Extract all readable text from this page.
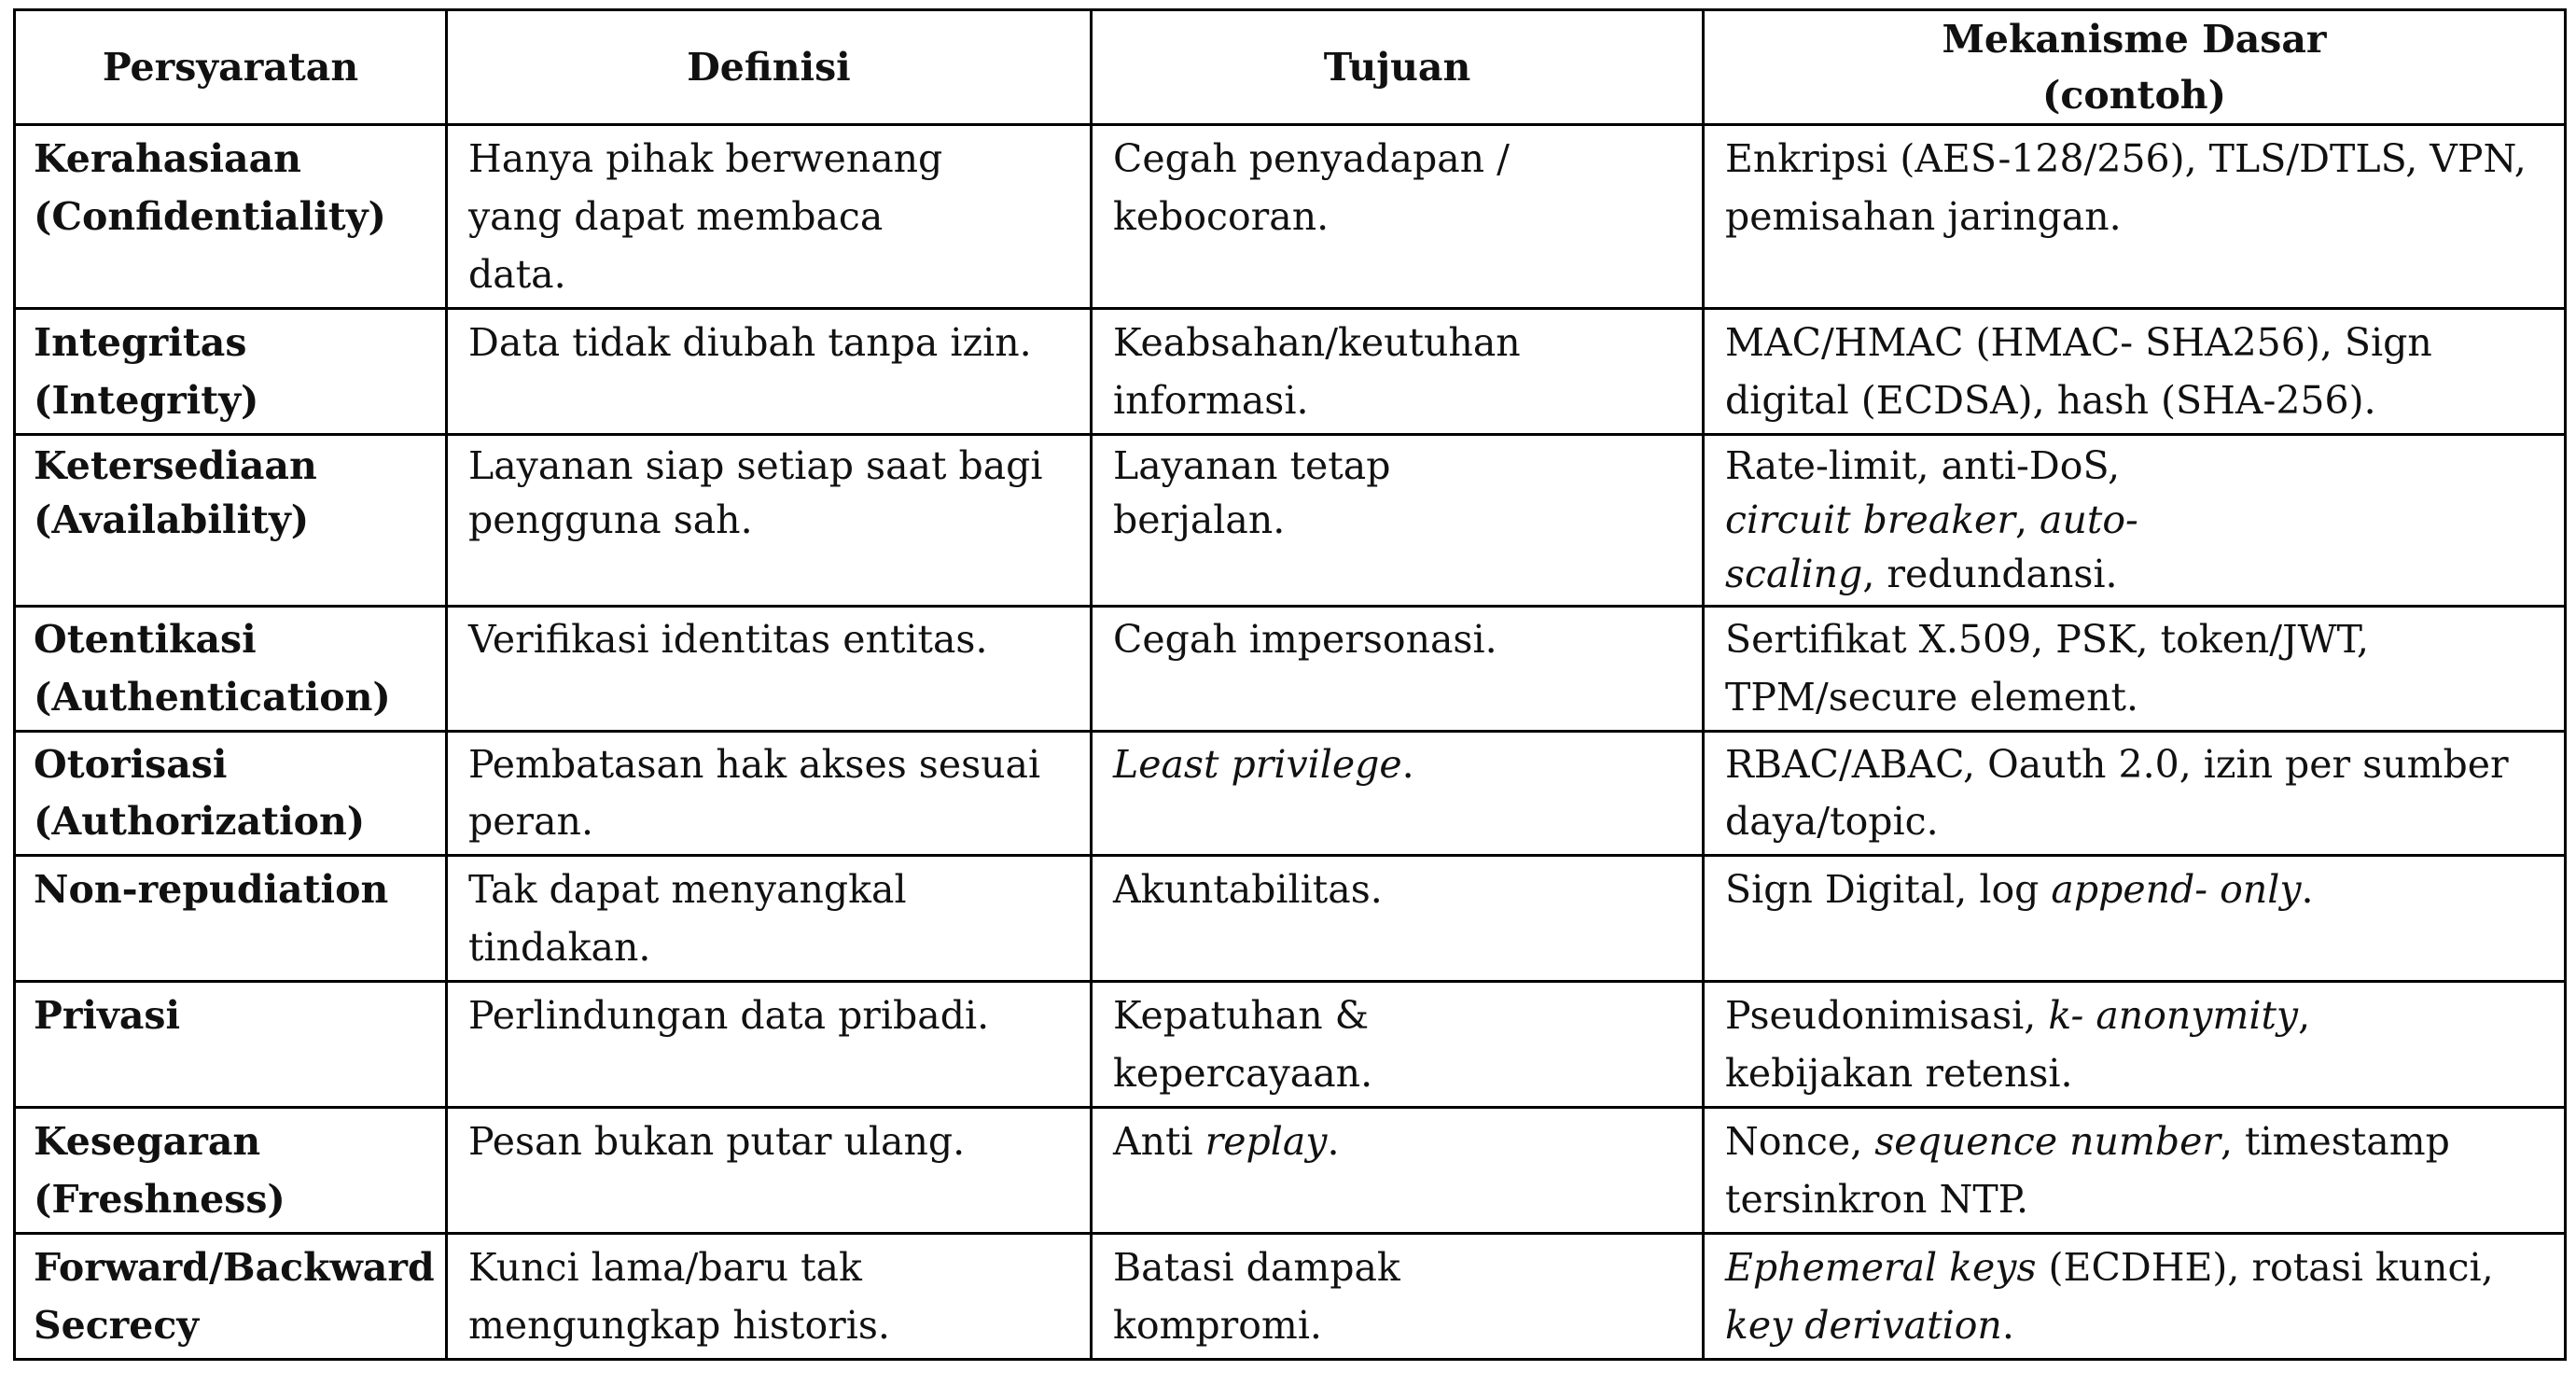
Persyaratan	Definisi	Tujuan	Mekanisme Dasar
(contoh)

Kerahasiaan
(Confidentiality)	Hanya pihak berwenang
yang dapat membaca
data.	Cegah penyadapan /
kebocoran.	Enkripsi (AES-128/256), TLS/DTLS, VPN,
pemisahan jaringan.
Integritas (Integrity)	Data tidak diubah tanpa izin.	Keabsahan/keutuhan
informasi.	MAC/HMAC (HMAC- SHA256), Sign
digital (ECDSA), hash (SHA-256).
Ketersediaan
(Availability)	Layanan siap setiap saat bagi
pengguna sah.	Layanan tetap
berjalan.	Rate-limit, anti-DoS,
circuit breaker, auto-
scaling, redundansi.
Otentikasi
(Authentication)	Verifikasi identitas entitas.	Cegah impersonasi.	Sertifikat X.509, PSK, token/JWT,
TPM/secure element.
Otorisasi
(Authorization)	Pembatasan hak akses sesuai
peran.	Least privilege.	RBAC/ABAC, Oauth 2.0, izin per sumber
daya/topic.
Non-repudiation	Tak dapat menyangkal
tindakan.	Akuntabilitas.	Sign Digital, log append- only.
Privasi	Perlindungan data pribadi.	Kepatuhan &
kepercayaan.	Pseudonimisasi, k- anonymity,
kebijakan retensi.
Kesegaran
(Freshness)	Pesan bukan putar ulang.	Anti replay.	Nonce, sequence number, timestamp
tersinkron NTP.
Forward/Backward
Secrecy	Kunci lama/baru tak
mengungkap historis.	Batasi dampak
kompromi.	Ephemeral keys (ECDHE), rotasi kunci,
key derivation.
